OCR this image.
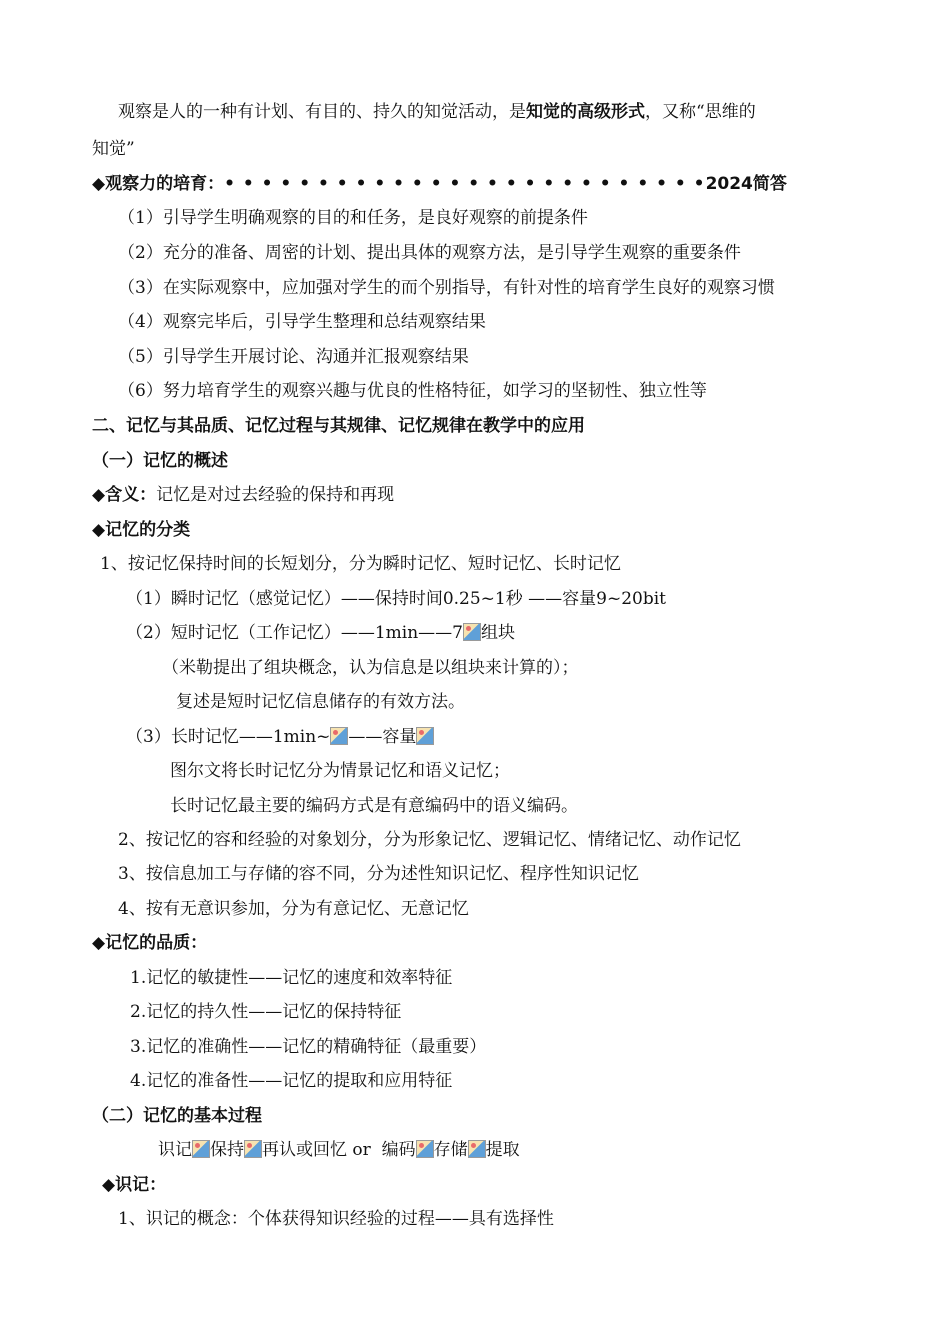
观察是人的一种有计划、有目的、持久的知觉活动，是知觉的高级形式，又称“思维的
知觉”
◆观察力的培育：• • • • • • • • • • • • • • • • • • • • • • • • • •2024简答
（1）引导学生明确观察的目的和任务，是良好观察的前提条件
（2）充分的准备、周密的计划、提出具体的观察方法，是引导学生观察的重要条件
（3）在实际观察中，应加强对学生的而个别指导，有针对性的培育学生良好的观察习惯
（4）观察完毕后，引导学生整理和总结观察结果
（5）引导学生开展讨论、沟通并汇报观察结果
（6）努力培育学生的观察兴趣与优良的性格特征，如学习的坚韧性、独立性等
二、记忆与其品质、记忆过程与其规律、记忆规律在教学中的应用
（一）记忆的概述
◆含义：记忆是对过去经验的保持和再现
◆记忆的分类
1、按记忆保持时间的长短划分，分为瞬时记忆、短时记忆、长时记忆
（1）瞬时记忆（感觉记忆）——保持时间0.25~1秒 ——容量9~20bit
（2）短时记忆（工作记忆）——1min——7 组块
（米勒提出了组块概念，认为信息是以组块来计算的）；
复述是短时记忆信息储存的有效方法。
（3）长时记忆——1min~ ——容量
图尔文将长时记忆分为情景记忆和语义记忆；
长时记忆最主要的编码方式是有意编码中的语义编码。
2、按记忆的容和经验的对象划分，分为形象记忆、逻辑记忆、情绪记忆、动作记忆
3、按信息加工与存储的容不同，分为述性知识记忆、程序性知识记忆
4、按有无意识参加，分为有意记忆、无意记忆
◆记忆的品质：
1.记忆的敏捷性——记忆的速度和效率特征
2.记忆的持久性——记忆的保持特征
3.记忆的准确性——记忆的精确特征（最重要）
4.记忆的准备性——记忆的提取和应用特征
（二）记忆的基本过程
识记 保持 再认或回忆 or  编码 存储 提取
◆识记：
1、识记的概念：个体获得知识经验的过程——具有选择性
